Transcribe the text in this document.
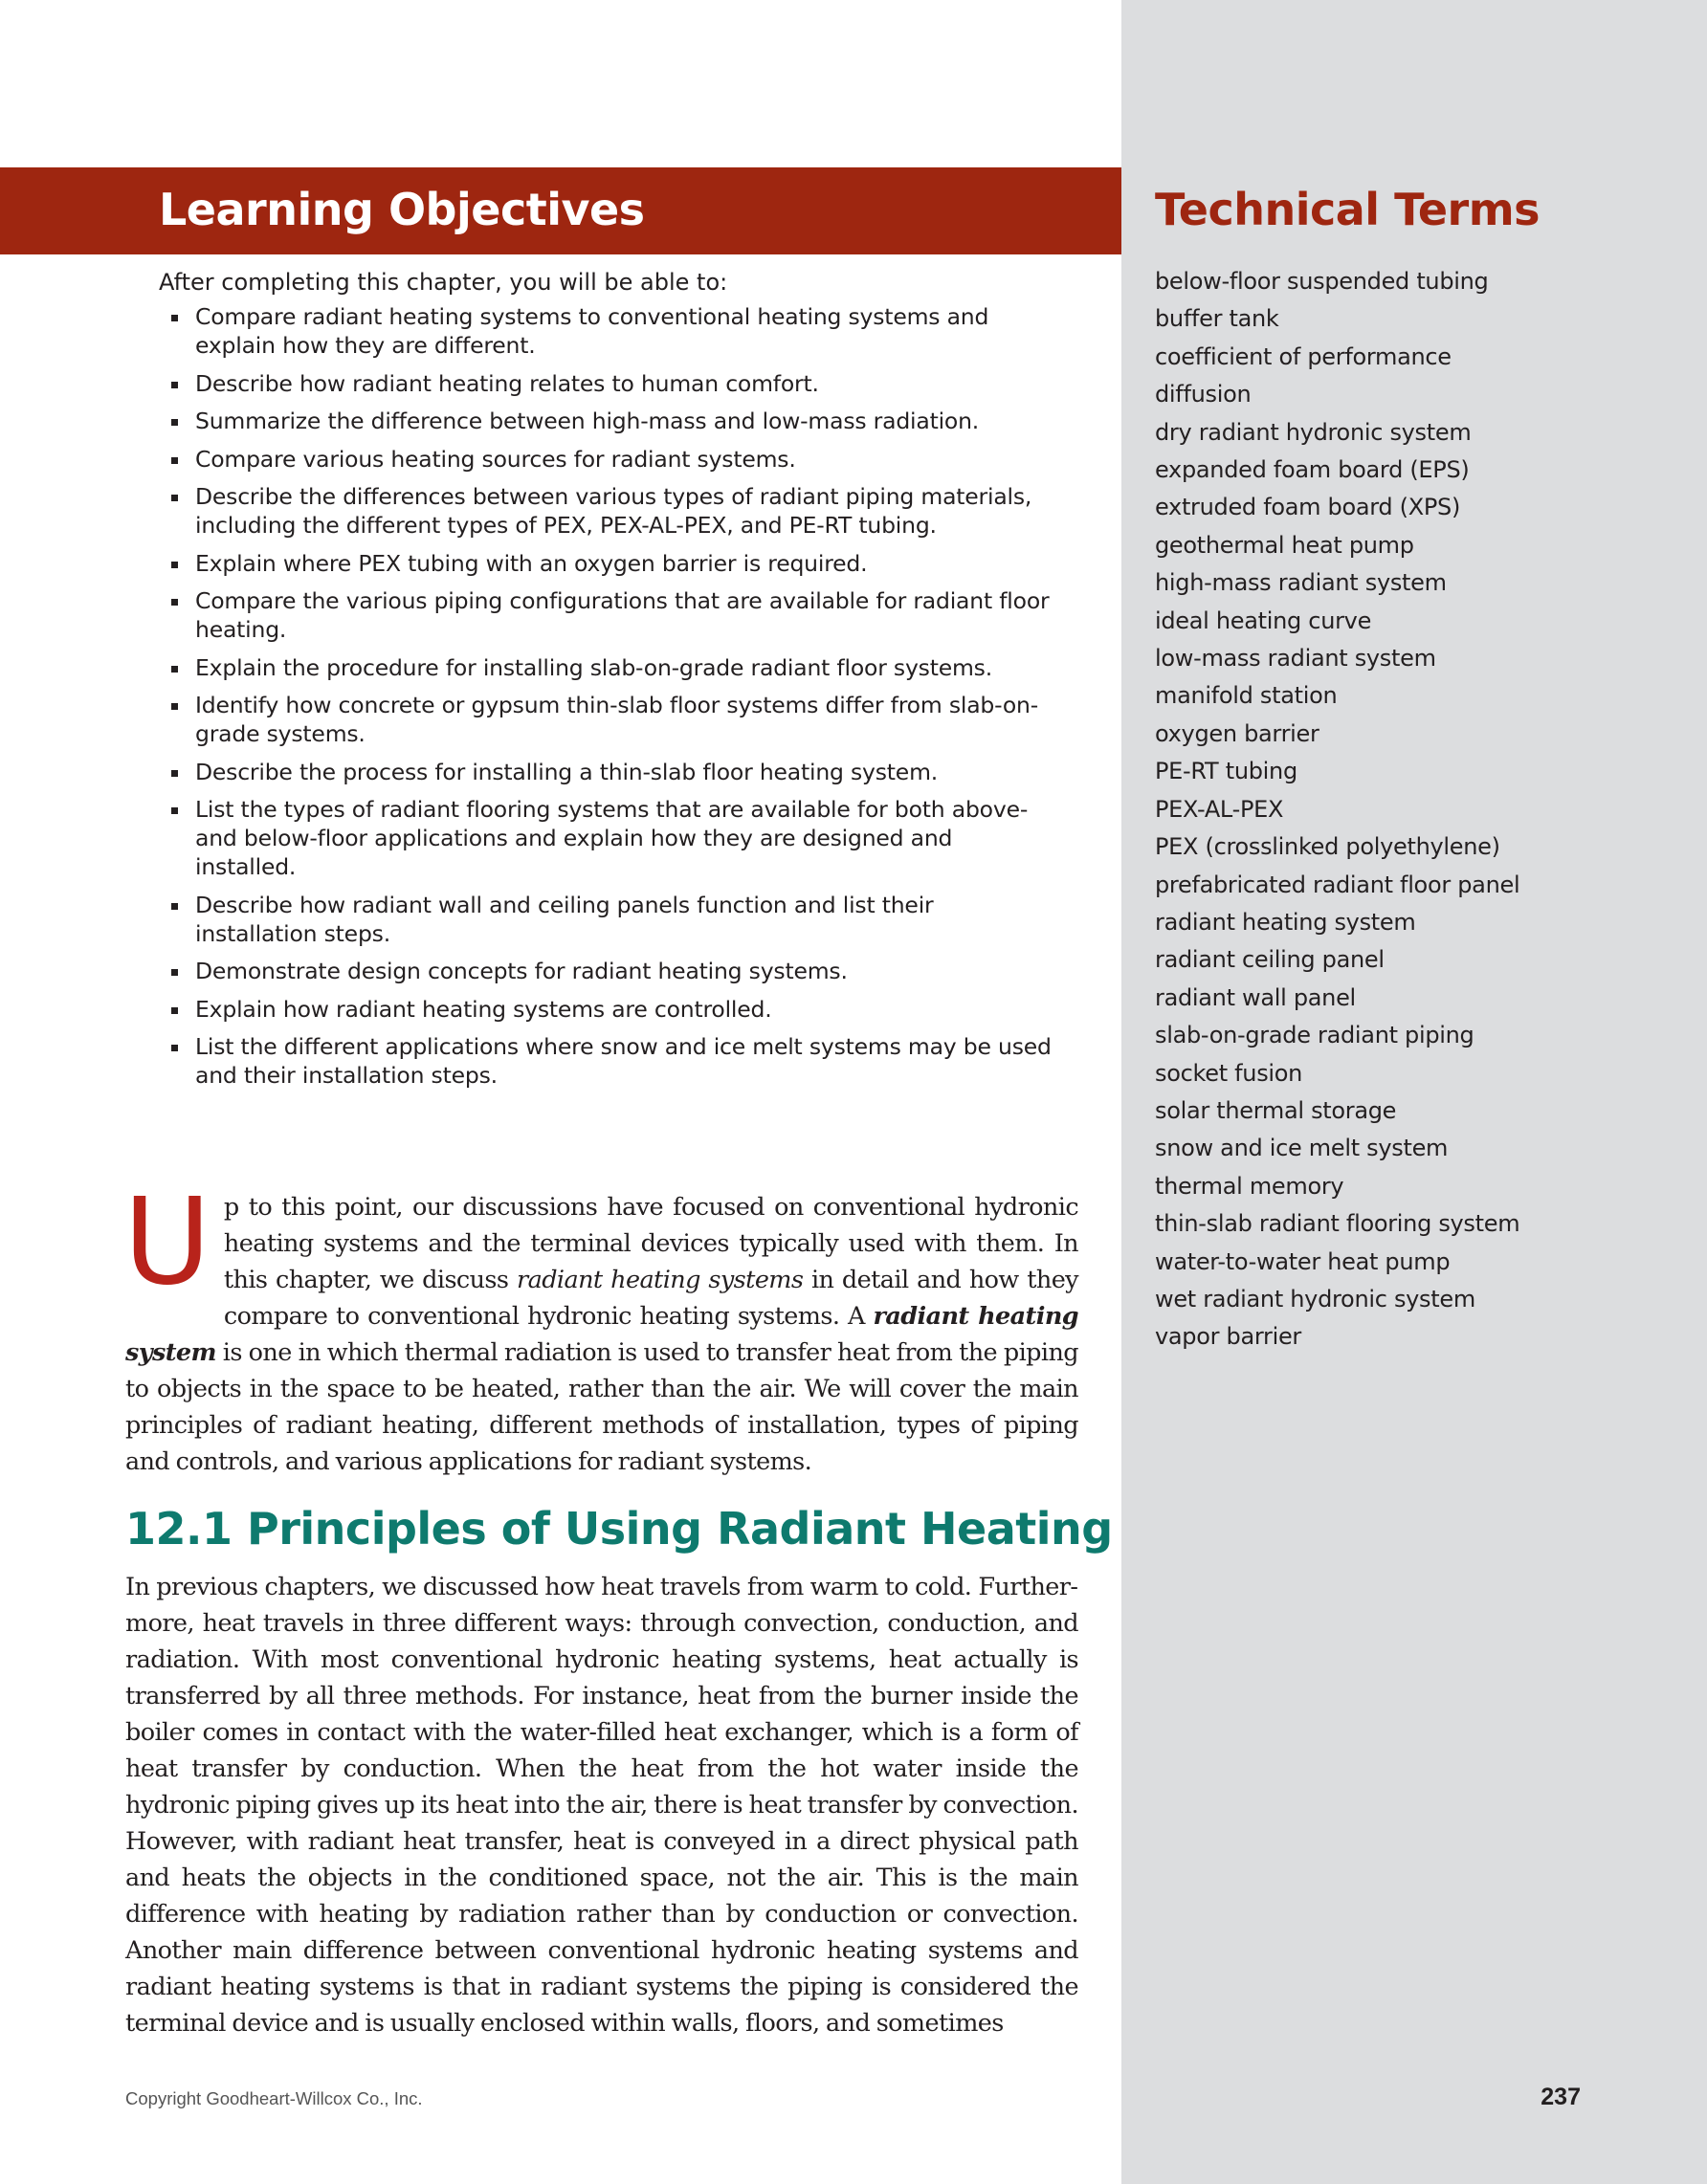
Learning Objectives

After completing this chapter, you will be able to:

Compare radiant heating systems to conventional heating systems and explain how they are different.
Describe how radiant heating relates to human comfort.
Summarize the difference between high-mass and low-mass radiation.
Compare various heating sources for radiant systems.
Describe the differences between various types of radiant piping materials, including the different types of PEX, PEX-AL-PEX, and PE-RT tubing.
Explain where PEX tubing with an oxygen barrier is required.
Compare the various piping configurations that are available for radiant floor heating.
Explain the procedure for installing slab-on-grade radiant floor systems.
Identify how concrete or gypsum thin-slab floor systems differ from slab-on-grade systems.
Describe the process for installing a thin-slab floor heating system.
List the types of radiant flooring systems that are available for both above- and below-floor applications and explain how they are designed and installed.
Describe how radiant wall and ceiling panels function and list their installation steps.
Demonstrate design concepts for radiant heating systems.
Explain how radiant heating systems are controlled.
List the different applications where snow and ice melt systems may be used and their installation steps.
Technical Terms
below-floor suspended tubing
buffer tank
coefficient of performance
diffusion
dry radiant hydronic system
expanded foam board (EPS)
extruded foam board (XPS)
geothermal heat pump
high-mass radiant system
ideal heating curve
low-mass radiant system
manifold station
oxygen barrier
PE-RT tubing
PEX-AL-PEX
PEX (crosslinked polyethylene)
prefabricated radiant floor panel
radiant heating system
radiant ceiling panel
radiant wall panel
slab-on-grade radiant piping
socket fusion
solar thermal storage
snow and ice melt system
thermal memory
thin-slab radiant flooring system
water-to-water heat pump
wet radiant hydronic system
vapor barrier

Up to this point, our discussions have focused on conventional hydronic heating systems and the terminal devices typically used with them. In this chapter, we discuss radiant heating systems in detail and how they compare to conventional hydronic heating systems. A radiant heating system is one in which thermal radiation is used to transfer heat from the piping to objects in the space to be heated, rather than the air. We will cover the main principles of radiant heating, different methods of installation, types of piping and controls, and various applications for radiant systems.

12.1 Principles of Using Radiant Heating

In previous chapters, we discussed how heat travels from warm to cold. Furthermore, heat travels in three different ways: through convection, conduction, and radiation. With most conventional hydronic heating systems, heat actually is transferred by all three methods. For instance, heat from the burner inside the boiler comes in contact with the water-filled heat exchanger, which is a form of heat transfer by conduction. When the heat from the hot water inside the hydronic piping gives up its heat into the air, there is heat transfer by convection. However, with radiant heat transfer, heat is conveyed in a direct physical path and heats the objects in the conditioned space, not the air. This is the main difference with heating by radiation rather than by conduction or convection. Another main difference between conventional hydronic heating systems and radiant heating systems is that in radiant systems the piping is considered the terminal device and is usually enclosed within walls, floors, and sometimes

Copyright Goodheart-Willcox Co., Inc.	237
